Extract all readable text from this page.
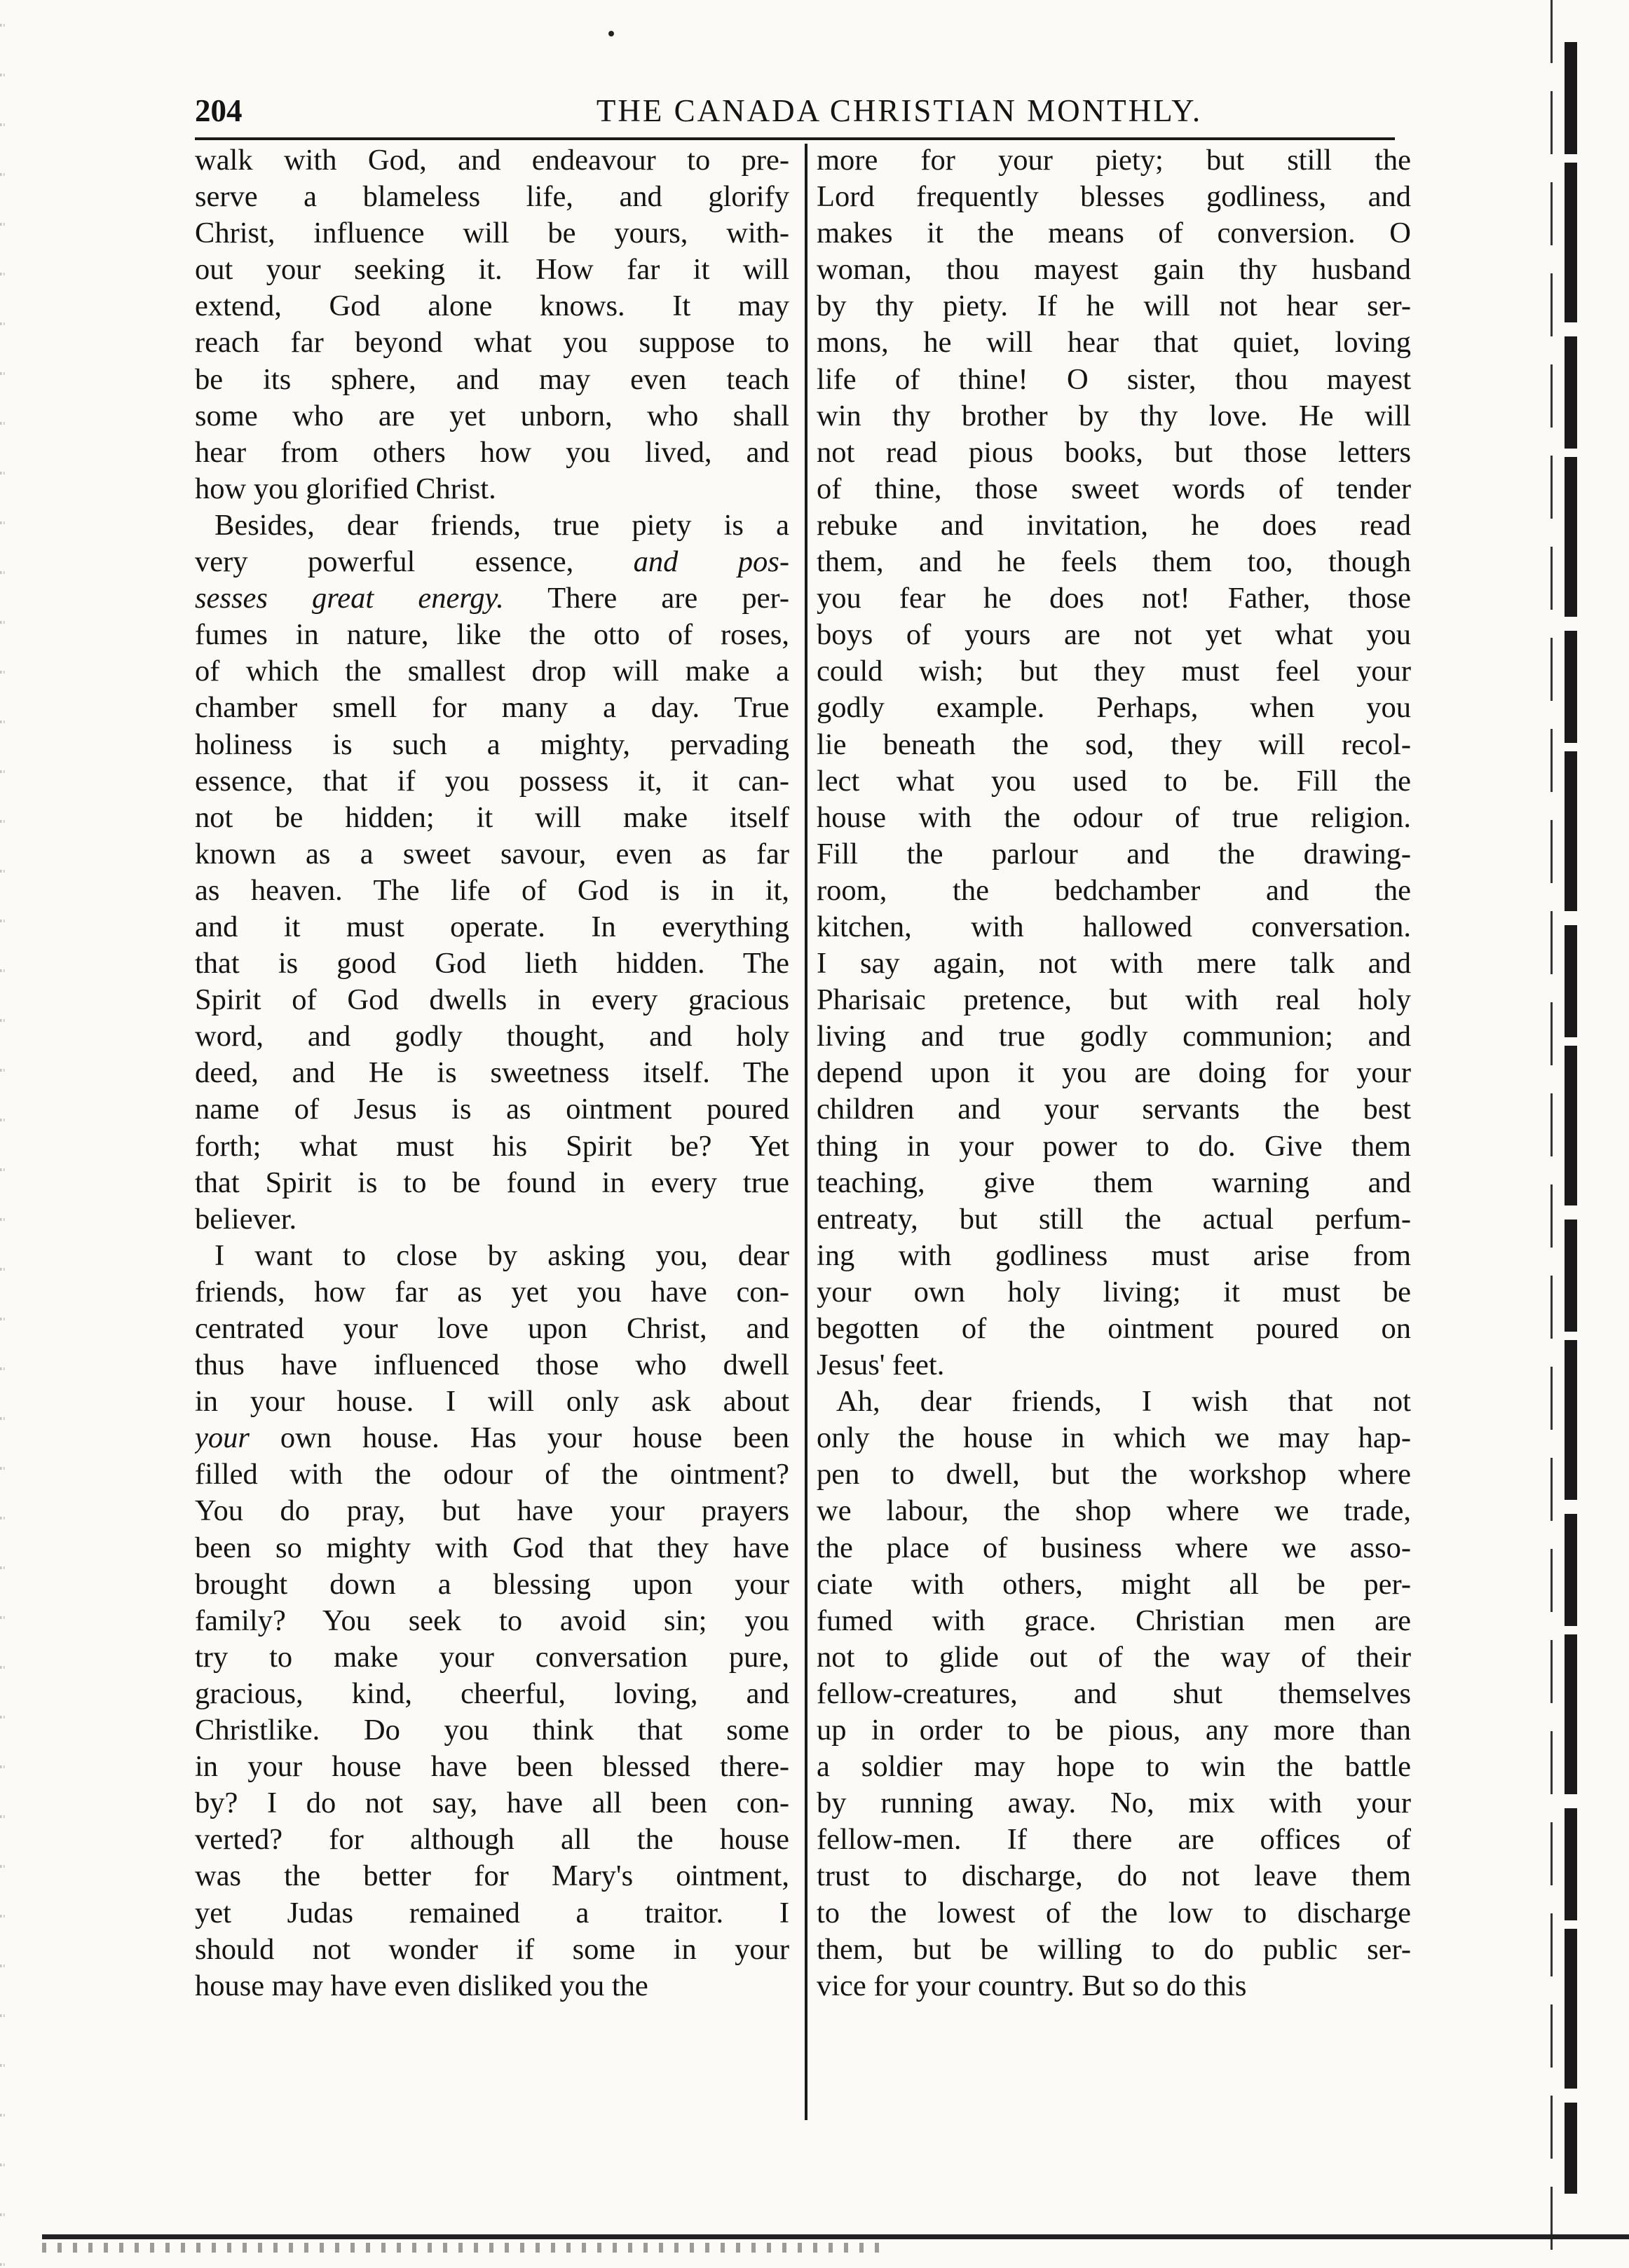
204	THE CANADA CHRISTIAN MONTHLY.
walk with God, and endeavour to pre-
serve a blameless life, and glorify
Christ, influence will be yours, with-
out your seeking it. How far it will
extend, God alone knows. It may
reach far beyond what you suppose to
be its sphere, and may even teach
some who are yet unborn, who shall
hear from others how you lived, and
how you glorified Christ.
Besides, dear friends, true piety is a
very powerful essence, and pos-
sesses great energy. There are per-
fumes in nature, like the otto of roses,
of which the smallest drop will make a
chamber smell for many a day. True
holiness is such a mighty, pervading
essence, that if you possess it, it can-
not be hidden; it will make itself
known as a sweet savour, even as far
as heaven. The life of God is in it,
and it must operate. In everything
that is good God lieth hidden. The
Spirit of God dwells in every gracious
word, and godly thought, and holy
deed, and He is sweetness itself. The
name of Jesus is as ointment poured
forth; what must his Spirit be? Yet
that Spirit is to be found in every true
believer.
I want to close by asking you, dear
friends, how far as yet you have con-
centrated your love upon Christ, and
thus have influenced those who dwell
in your house. I will only ask about
your own house. Has your house been
filled with the odour of the ointment?
You do pray, but have your prayers
been so mighty with God that they have
brought down a blessing upon your
family? You seek to avoid sin; you
try to make your conversation pure,
gracious, kind, cheerful, loving, and
Christlike. Do you think that some
in your house have been blessed there-
by? I do not say, have all been con-
verted? for although all the house
was the better for Mary's ointment,
yet Judas remained a traitor. I
should not wonder if some in your
house may have even disliked you the
more for your piety; but still the
Lord frequently blesses godliness, and
makes it the means of conversion. O
woman, thou mayest gain thy husband
by thy piety. If he will not hear ser-
mons, he will hear that quiet, loving
life of thine! O sister, thou mayest
win thy brother by thy love. He will
not read pious books, but those letters
of thine, those sweet words of tender
rebuke and invitation, he does read
them, and he feels them too, though
you fear he does not! Father, those
boys of yours are not yet what you
could wish; but they must feel your
godly example. Perhaps, when you
lie beneath the sod, they will recol-
lect what you used to be. Fill the
house with the odour of true religion.
Fill the parlour and the drawing-
room, the bedchamber and the
kitchen, with hallowed conversation.
I say again, not with mere talk and
Pharisaic pretence, but with real holy
living and true godly communion; and
depend upon it you are doing for your
children and your servants the best
thing in your power to do. Give them
teaching, give them warning and
entreaty, but still the actual perfum-
ing with godliness must arise from
your own holy living; it must be
begotten of the ointment poured on
Jesus' feet.
Ah, dear friends, I wish that not
only the house in which we may hap-
pen to dwell, but the workshop where
we labour, the shop where we trade,
the place of business where we asso-
ciate with others, might all be per-
fumed with grace. Christian men are
not to glide out of the way of their
fellow-creatures, and shut themselves
up in order to be pious, any more than
a soldier may hope to win the battle
by running away. No, mix with your
fellow-men. If there are offices of
trust to discharge, do not leave them
to the lowest of the low to discharge
them, but be willing to do public ser-
vice for your country. But so do this
